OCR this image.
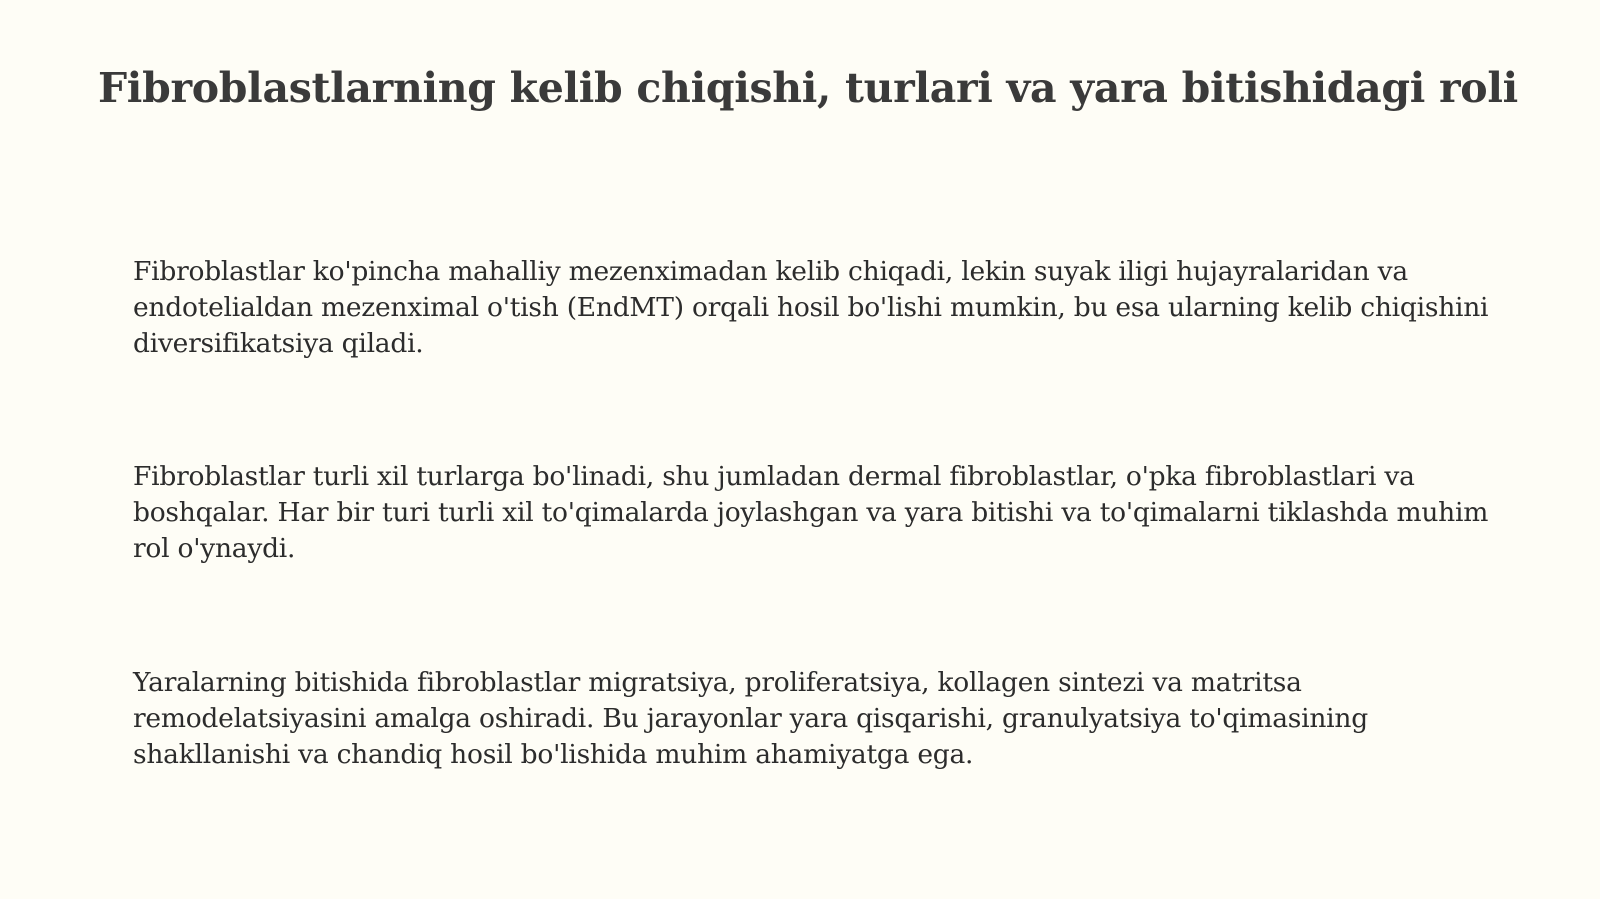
Fibroblastlarning kelib chiqishi, turlari va yara bitishidagi roli

Fibroblastlar ko'pincha mahalliy mezenximadan kelib chiqadi, lekin suyak iligi hujayralaridan va endotelialdan mezenximal o'tish (EndMT) orqali hosil bo'lishi mumkin, bu esa ularning kelib chiqishini diversifikatsiya qiladi.

Fibroblastlar turli xil turlarga bo'linadi, shu jumladan dermal fibroblastlar, o'pka fibroblastlari va boshqalar. Har bir turi turli xil to'qimalarda joylashgan va yara bitishi va to'qimalarni tiklashda muhim rol o'ynaydi.

Yaralarning bitishida fibroblastlar migratsiya, proliferatsiya, kollagen sintezi va matritsa remodelatsiyasini amalga oshiradi. Bu jarayonlar yara qisqarishi, granulyatsiya to'qimasining shakllanishi va chandiq hosil bo'lishida muhim ahamiyatga ega.
